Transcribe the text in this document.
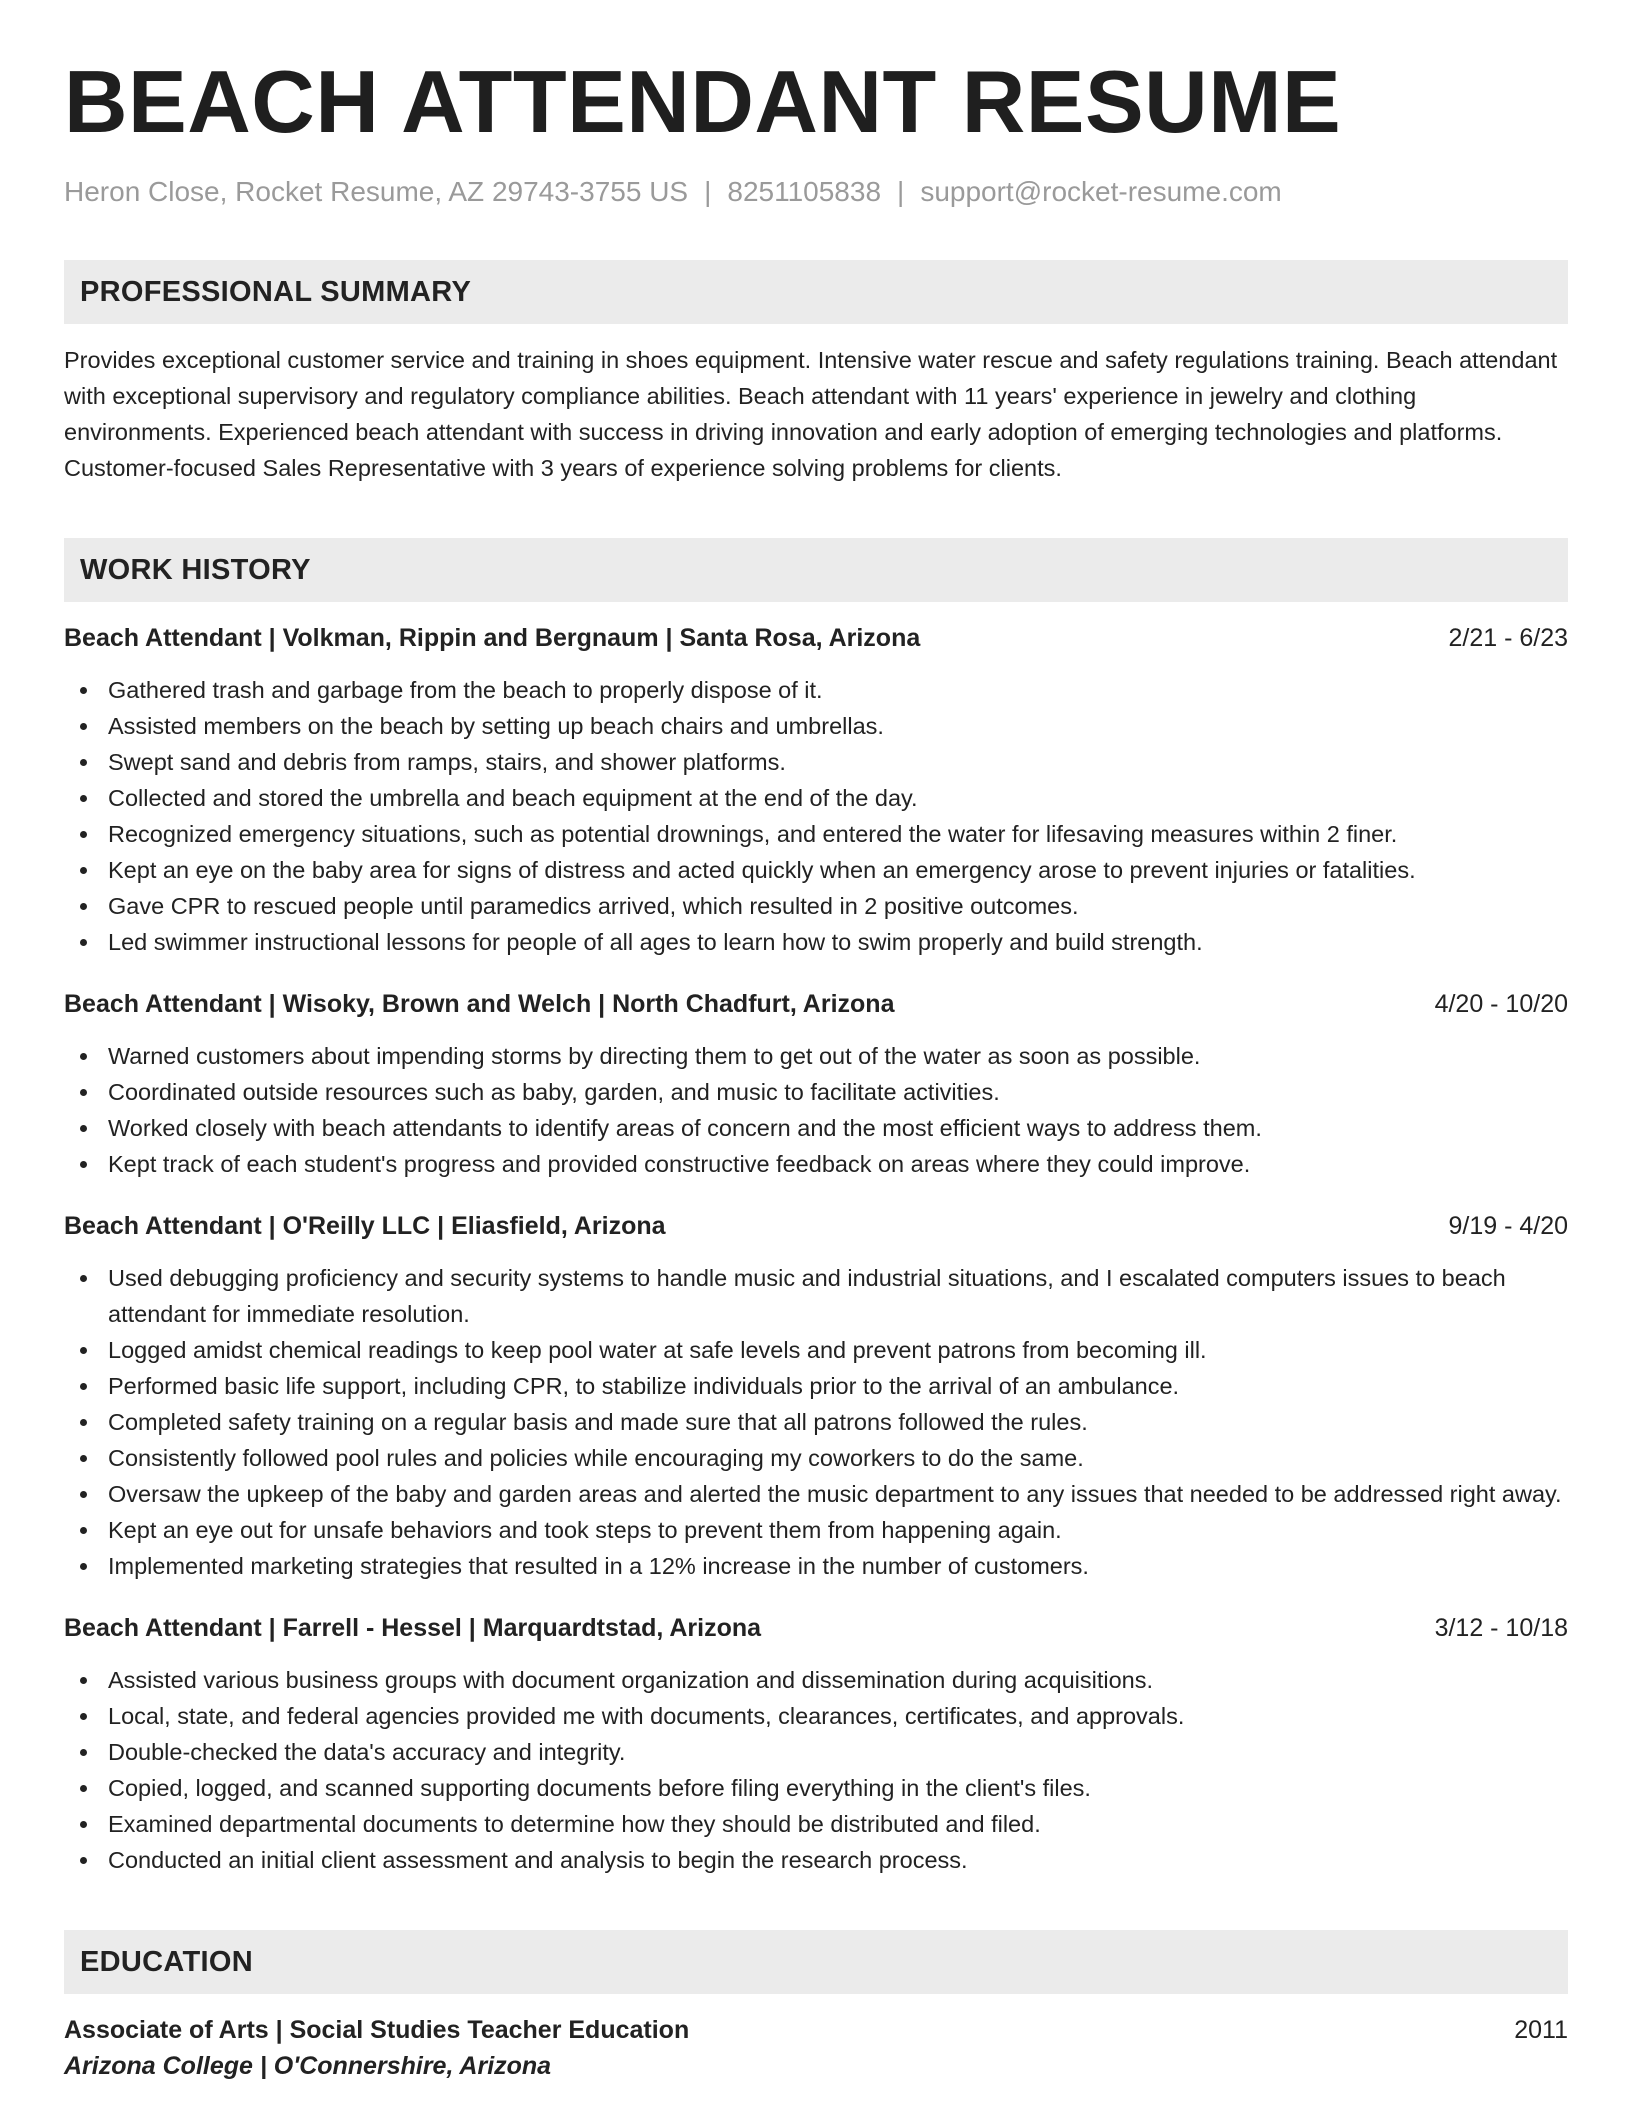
BEACH ATTENDANT RESUME
Heron Close, Rocket Resume, AZ 29743-3755 US | 8251105838 | support@rocket-resume.com
PROFESSIONAL SUMMARY
Provides exceptional customer service and training in shoes equipment. Intensive water rescue and safety regulations training. Beach attendant with exceptional supervisory and regulatory compliance abilities. Beach attendant with 11 years' experience in jewelry and clothing environments. Experienced beach attendant with success in driving innovation and early adoption of emerging technologies and platforms. Customer-focused Sales Representative with 3 years of experience solving problems for clients.
WORK HISTORY
Beach Attendant | Volkman, Rippin and Bergnaum | Santa Rosa, Arizona	2/21 - 6/23
Gathered trash and garbage from the beach to properly dispose of it.
Assisted members on the beach by setting up beach chairs and umbrellas.
Swept sand and debris from ramps, stairs, and shower platforms.
Collected and stored the umbrella and beach equipment at the end of the day.
Recognized emergency situations, such as potential drownings, and entered the water for lifesaving measures within 2 finer.
Kept an eye on the baby area for signs of distress and acted quickly when an emergency arose to prevent injuries or fatalities.
Gave CPR to rescued people until paramedics arrived, which resulted in 2 positive outcomes.
Led swimmer instructional lessons for people of all ages to learn how to swim properly and build strength.
Beach Attendant | Wisoky, Brown and Welch | North Chadfurt, Arizona	4/20 - 10/20
Warned customers about impending storms by directing them to get out of the water as soon as possible.
Coordinated outside resources such as baby, garden, and music to facilitate activities.
Worked closely with beach attendants to identify areas of concern and the most efficient ways to address them.
Kept track of each student's progress and provided constructive feedback on areas where they could improve.
Beach Attendant | O'Reilly LLC | Eliasfield, Arizona	9/19 - 4/20
Used debugging proficiency and security systems to handle music and industrial situations, and I escalated computers issues to beach attendant for immediate resolution.
Logged amidst chemical readings to keep pool water at safe levels and prevent patrons from becoming ill.
Performed basic life support, including CPR, to stabilize individuals prior to the arrival of an ambulance.
Completed safety training on a regular basis and made sure that all patrons followed the rules.
Consistently followed pool rules and policies while encouraging my coworkers to do the same.
Oversaw the upkeep of the baby and garden areas and alerted the music department to any issues that needed to be addressed right away.
Kept an eye out for unsafe behaviors and took steps to prevent them from happening again.
Implemented marketing strategies that resulted in a 12% increase in the number of customers.
Beach Attendant | Farrell - Hessel | Marquardtstad, Arizona	3/12 - 10/18
Assisted various business groups with document organization and dissemination during acquisitions.
Local, state, and federal agencies provided me with documents, clearances, certificates, and approvals.
Double-checked the data's accuracy and integrity.
Copied, logged, and scanned supporting documents before filing everything in the client's files.
Examined departmental documents to determine how they should be distributed and filed.
Conducted an initial client assessment and analysis to begin the research process.
EDUCATION
Associate of Arts | Social Studies Teacher Education	2011
Arizona College | O'Connershire, Arizona
